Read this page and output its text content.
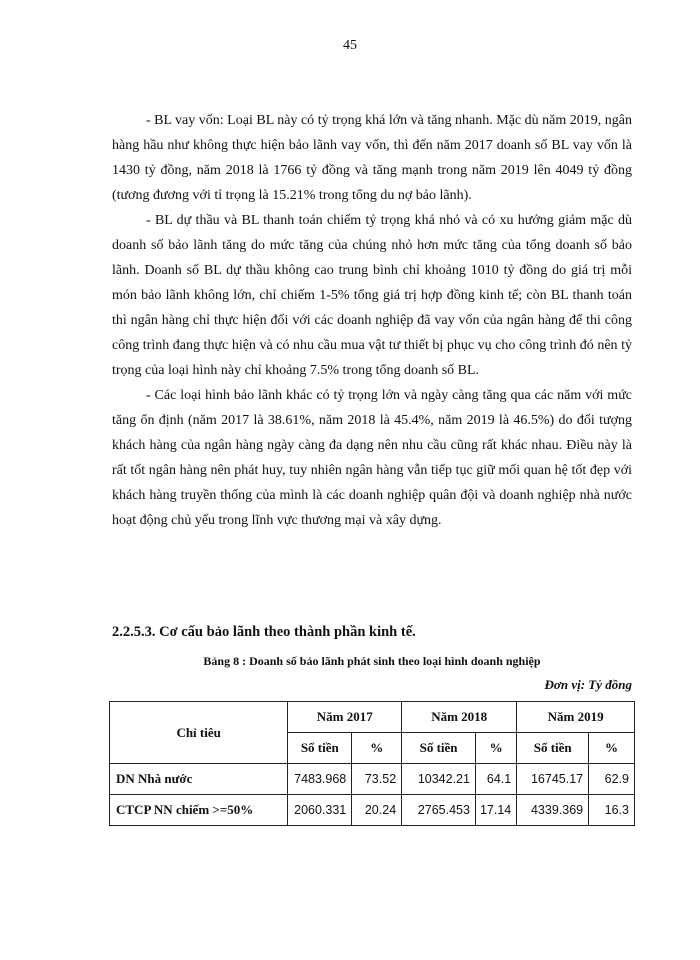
45

- BL vay vốn: Loại BL này có tỷ trọng khá lớn và tăng nhanh. Mặc dù năm 2019, ngân hàng hầu như không thực hiện bảo lãnh vay vốn, thì đến năm 2017 doanh số BL vay vốn là 1430 tỷ đồng, năm 2018 là 1766 tỷ đồng và tăng mạnh trong năm 2019 lên 4049 tỷ đồng (tương đương với tỉ trọng là 15.21% trong tổng du nợ bảo lãnh).

- BL dự thầu và BL thanh toán chiếm tỷ trọng khá nhỏ và có xu hướng giảm mặc dù doanh số bảo lãnh tăng do mức tăng của chúng nhỏ hơn mức tăng của tổng doanh số bảo lãnh. Doanh số BL dự thầu không cao trung bình chỉ khoảng 1010 tỷ đồng do giá trị mỗi món bảo lãnh không lớn, chỉ chiếm 1-5% tổng giá trị hợp đồng kinh tế; còn BL thanh toán thì ngân hàng chỉ thực hiện đối với các doanh nghiệp đã vay vốn của ngân hàng để thi công công trình đang thực hiện và có nhu cầu mua vật tư thiết bị phục vụ cho công trình đó nên tỷ trọng của loại hình này chỉ khoảng 7.5% trong tổng doanh số BL.

- Các loại hình bảo lãnh khác có tỷ trọng lớn và ngày càng tăng qua các năm với mức tăng ổn định (năm 2017 là 38.61%, năm 2018 là 45.4%, năm 2019 là 46.5%) do đối tượng khách hàng của ngân hàng ngày càng đa dạng nên nhu cầu cũng rất khác nhau. Điều này là rất tốt ngân hàng nên phát huy, tuy nhiên ngân hàng vẫn tiếp tục giữ mối quan hệ tốt đẹp với khách hàng truyền thống của mình là các doanh nghiệp quân đội và doanh nghiệp nhà nước hoạt động chủ yếu trong lĩnh vực thương mại và xây dựng.

2.2.5.3. Cơ cấu bảo lãnh theo thành phần kinh tế.

Bảng 8 : Doanh số bảo lãnh phát sinh theo loại hình doanh nghiệp

Đơn vị: Tỷ đồng

Chỉ tiêu	Năm 2017		Năm 2018		Năm 2019	
	Số tiền	%	Số tiền	%	Số tiền	%
DN Nhà nước	7483.968	73.52	10342.21	64.1	16745.17	62.9
CTCP NN chiếm >=50%	2060.331	20.24	2765.453	17.14	4339.369	16.3
